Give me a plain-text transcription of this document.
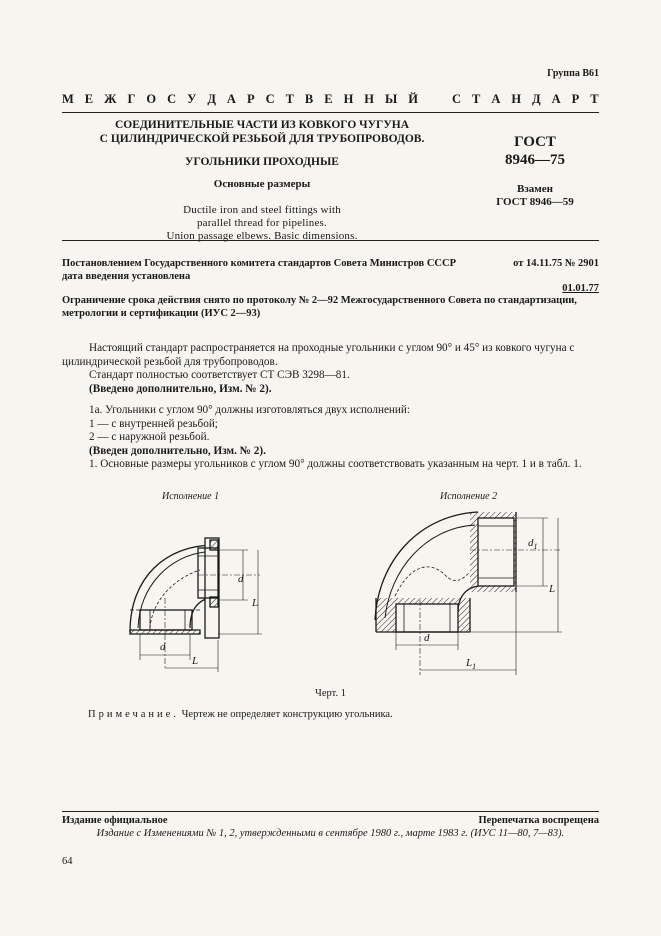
Группа В61
М Е Ж Г О С У Д А Р С Т В Е Н Н Ы Й	С Т А Н Д А Р Т
СОЕДИНИТЕЛЬНЫЕ ЧАСТИ ИЗ КОВКОГО ЧУГУНА
С ЦИЛИНДРИЧЕСКОЙ РЕЗЬБОЙ ДЛЯ ТРУБОПРОВОДОВ.
УГОЛЬНИКИ ПРОХОДНЫЕ
Основные размеры
Ductile iron and steel fittings with
parallel thread for pipelines.
Union passage elbews. Basic dimensions.
ГОСТ
8946—75
Взамен
ГОСТ 8946—59
Постановлением Государственного комитета стандартов Совета Министров СССР	от 14.11.75 № 2901
дата введения установлена
01.01.77
Ограничение срока действия снято по протоколу № 2—92 Межгосударственного Совета по стандартизации, метрологии и сертификации (ИУС 2—93)

Настоящий стандарт распространяется на проходные угольники с углом 90° и 45° из ковкого чугуна с цилиндрической резьбой для трубопроводов.

Стандарт полностью соответствует СТ СЭВ 3298—81.

(Введено дополнительно, Изм. № 2).

1а. Угольники с углом 90° должны изготовляться двух исполнений:

1 — с внутренней резьбой;

2 — с наружной резьбой.

(Введен дополнительно, Изм. № 2).

1. Основные размеры угольников с углом 90° должны соответствовать указанным на черт. 1 и в табл. 1.

Исполнение 1	Исполнение 2
d
L
d
L
$d_1$
L
d
$L_1$
Черт. 1
Примечание. Чертеж не определяет конструкцию угольника.
Издание официальное	Перепечатка воспрещена
Издание с Изменениями № 1, 2, утвержденными в сентябре 1980 г., марте 1983 г. (ИУС 11—80, 7—83).
64
